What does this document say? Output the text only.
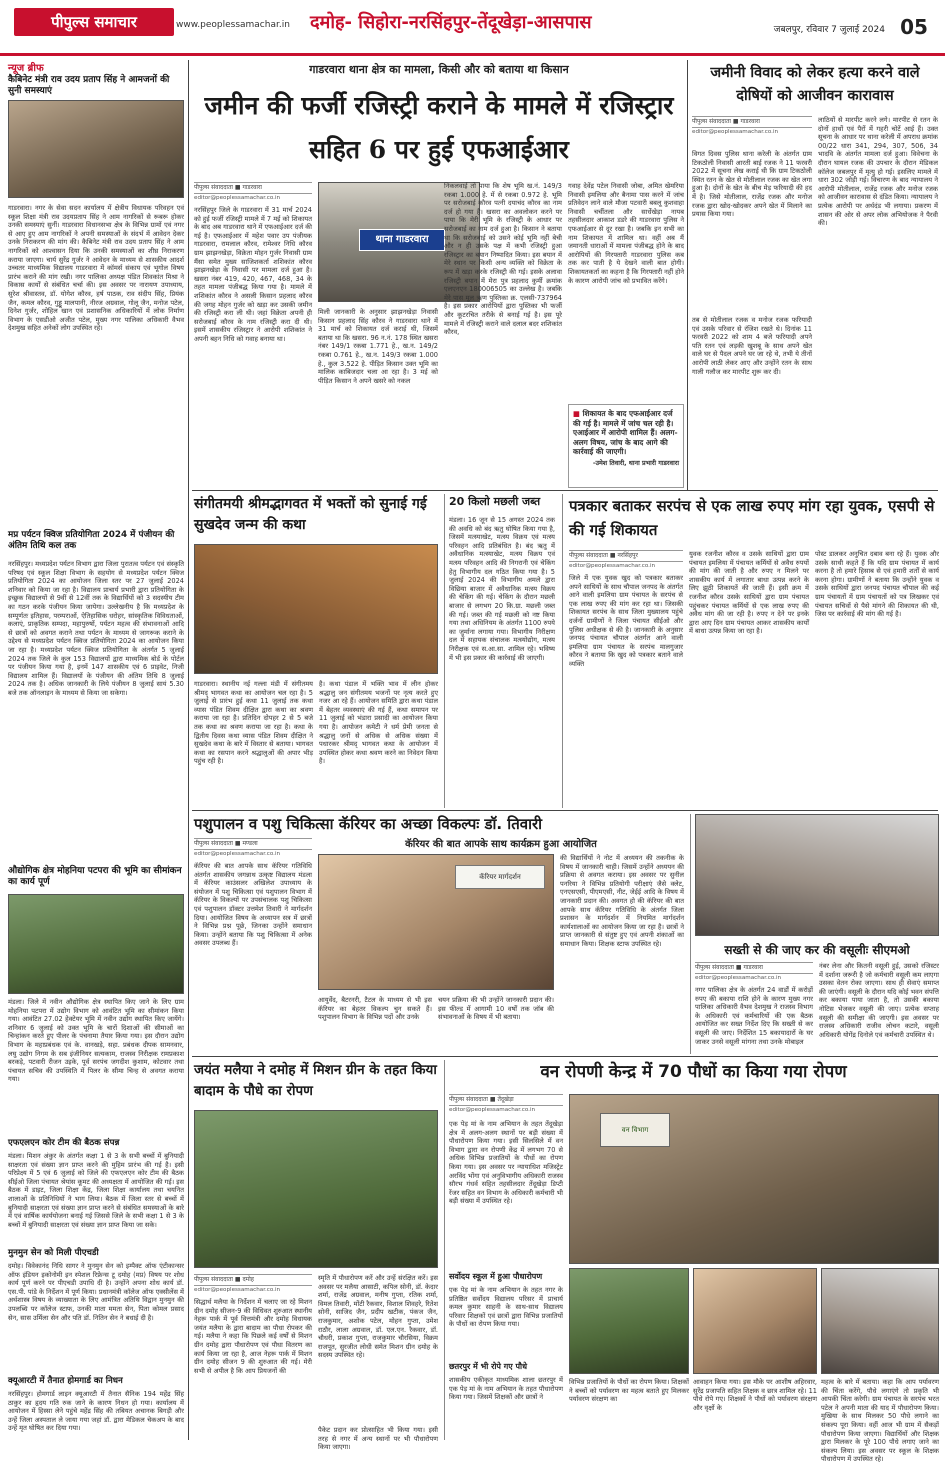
पीपुल्स समाचार	www.peoplessamachar.in दमोह- सिहोरा-नरसिंहपुर-तेंदूखेड़ा-आसपास	जबलपुर, रविवार 7 जुलाई 2024 05
न्यूज ब्रीफ
कैबिनेट मंत्री राव उदय प्रताप सिंह ने आमजनों की सुनी समस्याएं
गाडरवारा। नगर के सेवा सदन कार्यालय में क्षेत्रीय विधायक परिवहन एवं स्कूल शिक्षा मंत्री राव उदयप्रताप सिंह ने आम नागरिकों से रूबरू होकर उनकी समस्याएं सुनीं। गाडरवारा विधानसभा क्षेत्र के विभिन्न ग्रामों एवं नगर से आए हुए आम नागरिकों ने अपनी समस्याओं के संदर्भ में आवेदन देकर उनके निराकरण की मांग की। कैबिनेट मंत्री राव उदय प्रताप सिंह ने आम नागरिकों को आश्वासन दिया कि उनकी समस्याओं का शीघ्र निराकरण कराया जाएगा। चार्य सुरेंद्र गुर्जर ने आवेदन के माध्यम से शासकीय आदर्श उच्चतर माध्यमिक विद्यालय गाडरवारा में कॉमर्स संकाय एवं भूगोल विषय प्रारंभ कराने की मांग रखी। नगर पालिका अध्यक्ष पंडित शिवकांत मिश्रा ने विकास कार्यों से संबंधित चर्चा की। इस अवसर पर नारायण उपाध्याय, सुरेश श्रीवास्तव, डॉ. योगेश कौरव, हर्ष पाठक, राव संदीप सिंह, प्रियंक जैन, कमल कौरव, गुड्डू मालपानी, नीरज अग्रवाल, गोलू जैन, मनोज पटेल, दिनेश गुर्जर, शोहिल खान एवं प्रशासनिक अधिकारियों में लोक निर्माण विभाग के एसडीओ अजीत पटेल, मुख्य नगर पालिका अधिकारी वैभव देशमुख सहित अनेकों लोग उपस्थित रहे।
मप्र पर्यटन क्विज प्रतियोगिता 2024 में पंजीयन की अंतिम तिथि कल तक
नरसिंहपुर। मध्यप्रदेश पर्यटन विभाग द्वारा जिला पुरातत्व पर्यटन एवं संस्कृति परिषद एवं स्कूल शिक्षा विभाग के सहयोग से मध्यप्रदेश पर्यटन क्विज प्रतियोगिता 2024 का आयोजन जिला स्तर पर 27 जुलाई 2024 शनिवार को किया जा रहा है। विद्यालय प्राचार्य प्रभारी द्वारा प्रतियोगिता के इच्छुक विद्यालयों से 9वीं से 12वीं तक के विद्यार्थियों को 3 सदस्यीय टीम का गठन करके पंजीयन किया जायेगा। उल्लेखनीय है कि मध्यप्रदेश के सम्पूर्णतः इतिहास, परम्पराओं, ऐतिहासिक धरोहर, सांस्कृतिक विविधताओं, कलाएं, प्राकृतिक सम्पदा, महापुरुषों, पर्यटन महत्व की संभावनाओं आदि से छात्रों को अवगत कराने तथा पर्यटन के माध्यम से जागरूक कराने के उद्देश्य से मध्यप्रदेश पर्यटन क्विज प्रतियोगिता 2024 का आयोजन किया जा रहा है। मध्यप्रदेश पर्यटन क्विज प्रतियोगिता के अंतर्गत 5 जुलाई 2024 तक जिले के कुल 153 विद्यालयों द्वारा माध्यमिक बोर्ड के पोर्टल पर पंजीयन किया गया है, इनमें 147 शासकीय एवं 6 प्राइवेट, निजी विद्यालय शामिल हैं। विद्यालयों के पंजीयन की अंतिम तिथि 8 जुलाई 2024 तक है। अधिक जानकारी के लिये पंजीयन 8 जुलाई सायं 5.30 बजे तक ऑनलाइन के माध्यम से किया जा सकेगा।
औद्योगिक क्षेत्र मोहनिया पटपरा की भूमि का सीमांकन का कार्य पूर्ण
मंडला। जिले में नवीन औद्योगिक क्षेत्र स्थापित किए जाने के लिए ग्राम मोहनिया पटपरा में उद्योग विभाग को आवंटित भूमि का सीमांकन किया गया। आवंटित 27.02 हेक्टेयर भूमि में नवीन उद्योग स्थापित किए जायेंगे। शनिवार 6 जुलाई को उक्त भूमि के चारों दिशाओं की सीमाओं का चिन्हांकन करते हुए पीलर के पंचनामा तैयार किया गया। इस दौरान उद्योग विभाग के महाप्रबंधक एवं के. वानखड़े, सहा. प्रबंधक दीपक सामनवार, लघु उद्योग निगम के सब इंजीनियर सत्यकाम, राजस्व निरीक्षक रामप्रकाश बरकड़े, पटवारी रीजन उइके, पूर्व सरपंच जगदीश कुशाम, कोटवार तथा पंचायत सचिव की उपस्थिति में पिलर के सीमा चिन्ह से अवगत कराया गया।
एफएलएन कोर टीम की बैठक संपन्न
मंडला। मिशन अंकुर के अंतर्गत कक्षा 1 से 3 के सभी बच्चों में बुनियादी साक्षरता एवं संख्या ज्ञान प्राप्त करने की मुहिम प्रारंभ की गई है। इसी परिप्रेक्ष्य में 5 एवं 6 जुलाई को जिले की एफएलएन कोर टीम की बैठक सीईओ जिला पंचायत श्रेयांस कूमट की अध्यक्षता में आयोजित की गई। इस बैठक में डाइट, जिला शिक्षा केंद्र, जिला शिक्षा कार्यालय तथा चयनित शालाओं के प्रतिनिधियों ने भाग लिया। बैठक में जिला स्तर से बच्चों में बुनियादी साक्षरता एवं संख्या ज्ञान प्राप्त करने से संबंधित समस्याओं के बारे में एवं वार्षिक कार्ययोजना बनाई गई जिससे जिले के सभी कक्षा 1 से 3 के बच्चों में बुनियादी साक्षरता एवं संख्या ज्ञान प्राप्त किया जा सके।
मुनमुन सेन को मिली पीएचडी
दमोह। विवेकानंद निधि सागर ने मुनमुन सेन को इम्पैक्ट ऑफ एंटीकान्सर ऑफ इंडियन इकोनोमी इन स्पेशल रिफ्रेन्स टू दमोह (मप्र) विषय पर शोध कार्य पूर्ण करने पर पीएचडी उपाधि दी है। उन्होंने अपना शोध कार्य डॉ. एस.पी. पांडे के निर्देशन में पूर्ण किया। प्रधानमंत्री कॉलेज ऑफ एक्सीलेंस में अर्थशास्त्र विषय के व्याख्याता के लिए आमंत्रित अतिथि विद्वान मुनमुन की उपलब्धि पर कॉलेज स्टाफ, उनकी माता ममता सेन, पिता कोमल प्रसाद सेन, सास उर्मिला सेन और पति डॉ. नितिन सेन ने बधाई दी है।
क्यूआरटी में तैनात होमगार्ड का निधन
नरसिंहपुर। होमगार्ड लाइन क्यूआरटी में तैनात सैनिक 194 महेंद्र सिंह ठाकुर का हृदय गति रुक जाने के कारण निधन हो गया। कार्यालय में आयोजन में हिस्सा लेने पहुंचे महेंद्र सिंह की तबियत अचानक बिगड़ी और उन्हें जिला अस्पताल ले जाया गया जहां डॉ. द्वारा मेडिकल चेकअप के बाद उन्हें मृत घोषित कर दिया गया।
गाडरवारा थाना क्षेत्र का मामला, किसी और को बताया था किसान
जमीन की फर्जी रजिस्ट्री कराने के मामले में रजिस्ट्रार सहित 6 पर हुई एफआईआर
पीपुल्स संवाददाता ■ गाडरवारा
editor@peoplessamachar.co.in
नरसिंहपुर जिले के गाडरवारा में 31 मार्च 2024 को हुई फर्जी रजिस्ट्री मामले में 7 मई को शिकायत के बाद अब गाडरवारा थाने में एफआईआर दर्ज की गई है। एफआईआर में महेश पवार उप पंजीयक गाडरवारा, रामलाल कौरव, रामेश्वर निधि कौरव ग्राम झाझनखेड़ा, विक्रेता मोहन गुर्जर निवासी ग्राम मैंसा समेत मुख्य साजिशकर्ता शशिकांत कौरव झाझनखेड़ा के निवासी पर मामला दर्ज हुआ है। खसरा नंबर 419, 420, 467, 468, 34 के तहत मामला पंजीबद्ध किया गया है। मामले में शशिकांत कौरव ने असली किसान प्रहलाद कौरव की जगह मोहन गुर्जर को खड़ा कर उसकी जमीन की रजिस्ट्री करा ली थी। जहां विक्रेता अपनी ही सरोजबाई कौरव के नाम रजिस्ट्री करा दी थी। इसमें शासकीय रजिस्ट्रार ने आरोपी शशिकांत ने अपनी बहन निधि को गवाह बनाया था।
थाना गाडरवारा
मिली जानकारी के अनुसार झाझनखेड़ा निवासी किसान प्रहलाद सिंह कौरव ने गाडरवारा थाने में 31 मार्च को शिकायत दर्ज कराई थी, जिसमें बताया था कि खसरा. 96 न.नं. 178 स्थित खसरा नंबर 149/1 रकबा 1.771 हे., ख.न. 149/2 रकबा 0.761 हे., ख.न. 149/3 रकबा 1.000 हे., कुल 3.522 हे. पीड़ित किसान उक्त भूमि का मालिक काबिजदार चला आ रहा है। 3 मई को पीड़ित किसान ने अपने खसरे को नकल
निकलवाई तो पाया कि शेष भूमि ख.नं. 149/3 रकबा 1.000 हे. में से रकबा 0.972 हे. भूमि पर सरोजबाई कौरव पत्नी दयाचंद कौरव का नाम दर्ज हो गया है। खसरा का अवलोकन करने पर पाया कि मेरी भूमि के रजिस्ट्री के आधार पर सरोजबाई का नाम दर्ज हुआ है। किसान ने बताया था कि सरोजबाई को उसने कोई भूमि नहीं बेची और न ही उसके पक्ष में कभी रजिस्ट्री हुआ रजिस्ट्रार का बयान निष्पादित किया। इस बयान में मेरे स्थान पर किसी अन्य व्यक्ति को विक्रेता के रूप में खड़ा करके रजिस्ट्री की गई। इसके अलावा रजिस्ट्री बयान में मेरा पुत्र प्रहलाद कुर्मी क्रमांक एलएनएन 180006505 का उल्लेख है। जबकि मेरे पास मूल ऋण पुस्तिका क्र. एलसी-737964 है। इस प्रकार आरोपियों द्वारा पुस्तिका भी फर्जी और कूटरचित तरीके से बनाई गई है। इस पूरे मामले में रजिस्ट्री कराने वाले दलाल बदर शशिकांत कौरव,
गवाह देवेंद्र पटेल निवासी जोबा, अमित खेमरिया निवासी इमलिया और बैनामा पास करने में जांच प्रतिवेदन लाने वाले मौजा पटवारी बबलू कुशवाहा निवासी चर्चीतला और सार्धेखेड़ा नायब तहसीलदार आकाश डडरे की गाडरवारा पुलिस ने एफआईआर से दूर रखा है। जबकि इन सभी का नाम शिकायत में शामिल था। वहीं अब मैं जमानती धाराओं में मामला पंजीबद्ध होने के बाद आरोपियों की गिरफ्तारी गाडरवारा पुलिस कब तक कर पाती है ये देखने वाली बात होगी। शिकायतकर्ता का कहना है कि गिरफ्तारी नहीं होने के कारण आरोपी जांच को प्रभावित करेंगे।
■ शिकायत के बाद एफआईआर दर्ज की गई है। मामले में जांच चल रही है। एआईआर में आरोपी शामिल हैं। अलग-अलग विषय, जांच के बाद आगे की कार्रवाई की जाएगी।
-उमेश तिवारी, थाना प्रभारी गाडरवारा
जमीनी विवाद को लेकर हत्या करने वाले दोषियों को आजीवन कारावास
पीपुल्स संवाददाता ■ गाडरवारा
editor@peoplessamachar.co.in
विगत दिवस पुलिस थाना करेली के अंतर्गत ग्राम टिकठोली निवासी आरती बाई रजक ने 11 फरवरी 2022 में सूचना लेख कराई थी कि ग्राम टिकठोली स्थित रतन के खेत से मोतीलाल रजक का खेत लगा हुआ है। दोनों के खेत के बीच मेड़ फरियादी की हद में है। जिसे मोतीलाल, राजेंद्र रजक और मनोज रजक द्वारा खोद-खोदकर अपने खेत में मिलाने का प्रयास किया गया।
तब से मोतीलाल रजक व मनोज रजक फरियादी एवं उसके परिवार से रंजिश रखते थे। दिनांक 11 फरवरी 2022 को शाम 4 बजे फरियादी अपने पति रतन एवं लड़की खुशबू के साथ अपने खेत वाले घर से पैदल अपने घर जा रहे थे, तभी ये तीनों आरोपी लाठी लेकर आए और उन्होंने रतन के साथ गाली गलौज कर मारपीट शुरू कर दी।
लाठियों से मारपीट करने लगे। मारपीट से रतन के दोनों हाथों एवं पैरों में गहरी चोटें आई हैं। उक्त सूचना के आधार पर थाना करेली में अपराध क्रमांक 00/22 धारा 341, 294, 307, 506, 34 भादवि के अंतर्गत मामला दर्ज हुआ। विवेचना के दौरान घायल रजक की उपचार के दौरान मेडिकल कॉलेज जबलपुर में मृत्यु हो गई। इसलिए मामले में धारा 302 जोड़ी गई। विचारण के बाद न्यायालय ने आरोपी मोतीलाल, राजेंद्र रजक और मनोज रजक को आजीवन कारावास से दंडित किया। न्यायालय ने प्रत्येक आरोपी पर अर्थदंड भी लगाया। प्रकरण में शासन की ओर से अपर लोक अभियोजक ने पैरवी की।
संगीतमयी श्रीमद्भागवत में भक्तों को सुनाई गई सुखदेव जन्म की कथा
गाडरवारा। स्थानीय नई गल्ला मंडी में संगीतमय श्रीमद् भागवत कथा का आयोजन चल रहा है। 5 जुलाई से प्रारंभ हुई कथा 11 जुलाई तक कथा व्यास पंडित शिवम दीक्षित द्वारा कथा का श्रवण कराया जा रहा है। प्रतिदिन दोपहर 2 से 5 बजे तक कथा का श्रवण कराया जा रहा है। कथा के द्वितीय दिवस कथा व्यास पंडित शिवम दीक्षित ने सुखदेव कथा के बारे में विस्तार से बताया। भागवत कथा का रसपान करने श्रद्धालुओं की अपार भीड़ पहुंच रही है।
है। कथा पंडाल में भक्ति भाव में लीन होकर श्रद्धालु जन संगीतमय भजनों पर नृत्य करते हुए नजर आ रहे हैं। आयोजन समिति द्वारा कथा पंडाल में बेहतर व्यवस्थाएं की गई हैं, कथा समापन पर 11 जुलाई को भंडारा प्रसादी का आयोजन किया गया है। आयोजन कमेटी ने धर्म प्रेमी जनता से श्रद्धालु जनों से अधिक से अधिक संख्या में पधारकर श्रीमद् भागवत कथा के आयोजन में उपस्थित होकर कथा श्रवण करने का निवेदन किया है।
20 किलो मछली जब्त
मंडला। 16 जून से 15 अगस्त 2024 तक की अवधि को बंद ऋतु घोषित किया गया है, जिसमें मत्स्याखेट, मत्स्य विक्रय एवं मत्स्य परिवहन आदि प्रतिबंधित है। बंद ऋतु में अवैधानिक मत्स्याखेट, मत्स्य विक्रय एवं मत्स्य परिवहन आदि की निगरानी एवं चेकिंग हेतु विभागीय दल गठित किया गया है। 5 जुलाई 2024 की विभागीय अमले द्वारा विछिया बाजार में अवैधानिक मत्स्य विक्रय की चेकिंग की गई। चेकिंग के दौरान मछली बाजार से लगभग 20 कि.ग्रा. मछली जब्त की गई। जब्त की गई मछली को नष्ट किया गया तथा अधिनियम के अंतर्गत 1100 रुपये का जुर्माना लगाया गया। विभागीय निरीक्षण दल में सहायक संचालक मत्स्योद्योग, मत्स्य निरीक्षक एवं स.आ.सा. शामिल रहे। भविष्य में भी इस प्रकार की कार्रवाई की जाएगी।
पत्रकार बताकर सरपंच से एक लाख रुपए मांग रहा युवक, एसपी से की गई शिकायत
पीपुल्स संवाददाता ■ नरसिंहपुर
editor@peoplessamachar.co.in
जिले में एक युवक खुद को पत्रकार बताकर अपने साथियों के साथ चौपाल जनपद के अंतर्गत आने वाली इमलिया ग्राम पंचायत के सरपंच से एक लाख रुपए की मांग कर रहा था। जिसकी शिकायत सरपंच के साथ जिला मुख्यालय पहुंचे दर्जनों ग्रामीणों ने जिला पंचायत सीईओ और पुलिस अधीक्षक से की है। जानकारी के अनुसार जनपद पंचायत चौपाल अंतर्गत आने वाली इमलिया ग्राम पंचायत के सरपंच मालगुजार कौरव ने बताया कि खुद को पत्रकार बताने वाले व्यक्ति
युवक रजनीश कौरव व उसके साथियों द्वारा ग्राम पंचायत इमलिया में पंचायत कर्मियों से अवैध रुपयों की मांग की जाती है और रुपए न मिलने पर शासकीय कार्य में लगातार बाधा उत्पन्न करने के लिए झूठी शिकायतें की जाती हैं। इसी क्रम में रजनीश कौरव उसके साथियों द्वारा ग्राम पंचायत पहुंचकर पंचायत कर्मियों से एक लाख रुपए की अवैध मांग की जा रही है। रुपए न देने पर इनके द्वारा आए दिन ग्राम पंचायत आकर शासकीय कार्यों में बाधा उत्पन्न किया जा रहा है।
पोस्ट डालकर अनुचित दबाव बना रहे हैं। युवक और उसके साथी कहते हैं कि यदि ग्राम पंचायत में कार्य करना है तो हमारे हिसाब से एवं हमारी शर्तों से कार्य करना होगा। ग्रामीणों ने बताया कि उन्होंने युवक व उसके साथियों द्वारा जनपद पंचायत चौपाल की कई ग्राम पंचायतों में ग्राम पंचायतों को पत्र लिखकर एवं पंचायत सचिवों से पैसे मांगने की शिकायत की थी, जिस पर कार्रवाई की मांग की गई है।
पशुपालन व पशु चिकित्सा कॅरियर का अच्छा विकल्पः डॉ. तिवारी
कॅरियर की बात आपके साथ कार्यक्रम हुआ आयोजित
पीपुल्स संवाददाता ■ मण्डला
editor@peoplessamachar.co.in
कॅरियर की बात आपके साथ कॅरियर गतिविधि अंतर्गत शासकीय जगन्नाथ उत्कृष्ट विद्यालय मंडला में कॅरियर काउंसलर अखिलेश उपाध्याय के संयोजन में पशु चिकित्सा एवं पशुपालन विभाग में कॅरियर के विकल्पों पर उपसंचालक पशु चिकित्सा एवं पशुपालन डॉक्टर उत्तमेश तिवारी ने मार्गदर्शन दिया। आयोजित विषय के अध्यापन सत्र में छात्रों ने विभिन्न प्रश्न पूछे, जिनका उन्होंने समाधान किया। उन्होंने बताया कि पशु चिकित्सा में अनेक अवसर उपलब्ध हैं।
कॅरियर मार्गदर्शन
आयुर्वेद, बैटरनरी, टैटल के माध्यम से भी इस कॅरियर का बेहतर विकल्प चुन सकते हैं। पशुपालन विभाग के विभिन्न पदों और उनके
चयन प्रक्रिया की भी उन्होंने जानकारी प्रदान की। इस फील्ड में आगामी 10 वर्षों तक जॉब की संभावनाओं के विषय में भी बताया।
की विद्यार्थियों ने नोट में अध्ययन की तकनीक के विषय में जानकारी चाही। जिसमें उन्होंने अध्ययन की प्रक्रिया से अवगत कराया। इस अवसर पर सुनील पनरिया ने विभिन्न प्रतियोगी परीक्षाएं जैसे क्लेट, एनएसएसी, पीएमएसी, नीट, जेईई आदि के विषय में जानकारी प्रदान की। अवगत हो की कॅरियर की बात आपके साथ कॅरियर गतिविधि के अंतर्गत जिला प्रशासन के मार्गदर्शन में नियमित मार्गदर्शन कार्यशालाओं का आयोजन किया जा रहा है। छात्रों ने प्राप्त जानकारी से संतुष्ट हुए एवं अपनी शंकाओं का समाधान किया। शिक्षक स्टाफ उपस्थित रहे।	सख्ती से की जाए कर की वसूलीः सीएमओ
पीपुल्स संवाददाता ■ गाडरवारा
editor@peoplessamachar.co.in
नगर पालिका क्षेत्र के अंतर्गत 24 वार्डों में करोड़ों रुपए की बकाया राशि होने के कारण मुख्य नगर पालिका अधिकारी वैभव देशमुख ने राजस्व विभाग के अधिकारी एवं कर्मचारियों की एक बैठक आयोजित कर सख्त निर्देश दिए कि सख्ती से कर वसूली की जाए। निर्देशित 15 बकायादारों के घर जाकर उनसे वसूली मांगना तथा उनके मोबाइल
नंबर लेना और कितनी वसूली हुई, उसको रजिस्टर में दर्शाना जरूरी है जो कर्मचारी वसूली कम लाएगा उसका वेतन रोका जाएगा। साथ ही सेवाएं समाप्त की जाएंगी। वसूली के दौरान यदि कोई भवन संपत्ति कर बकाया पाया जाता है, तो उसकी बकाया नोटिस भेजकर वसूली की जाए। प्रत्येक सप्ताह वसूली की समीक्षा की जाएगी। इस अवसर पर राजस्व अधिकारी राजीव लोचन कटारे, वसूली अधिकारी योगेंद्र दिनोले एवं कर्मचारी उपस्थित थे।
जयंत मलैया ने दमोह में मिशन ग्रीन के तहत किया बादाम के पौधे का रोपण
पीपुल्स संवाददाता ■ दमोह
editor@peoplessamachar.co.in
सिद्धार्थ मलैया के निर्देशन में चलाए जा रहे मिशन ग्रीन दमोह सीजन-9 की विधिवत शुरुआत स्थानीय नेहरू पार्क में पूर्व वित्तमंत्री और दमोह विधायक जयंत मलैया के द्वारा बादाम का पौधा रोपकर की गई। मलैया ने कहा कि पिछले कई वर्षों से मिशन ग्रीन दमोह द्वारा पौधारोपण एवं पौधा वितरण का कार्य किया जा रहा है, आज नेहरू पार्क में मिशन ग्रीन दमोह सीजन 9 की शुरुआत की गई। मेरी सभी से अपील है कि आप प्रियजनों की
स्मृति में पौधारोपण करें और उन्हें संरक्षित करें। इस अवसर पर मलैया आसाटी, कपिल सोनी, डॉ. केदार शर्मा, राजेंद्र अग्रवाल, मनीष गुप्ता, रतिक शर्मा, विमल तिवारी, मोंटी रैकवार, विशाल शिवहरे, रितेश सोनी, साजिद जैन, प्रदीप खटीक, पंकज जैन, राजकुमार, अशोक पटेल, मोहन गुप्ता, उमेश राठौर, लाला अग्रवाल, डॉ. एल.एन. रैकवार, डॉ. चौधरी, प्रकाश गुप्ता, राजकुमार चौरसिया, विक्रम राजपूत, सुरजीत लोधी समेत मिशन ग्रीन दमोह के सदस्य उपस्थित रहे।
पैकेट प्रदान कर प्रोत्साहित भी किया गया। इसी तरह से नगर में अन्य स्थानों पर भी पौधारोपण किया जाएगा।
वन रोपणी केन्द्र में 70 पौधों का किया गया रोपण
पीपुल्स संवाददाता ■ तेंदूखेड़ा
editor@peoplessamachar.co.in
एक पेड़ मां के नाम अभियान के तहत तेंदूखेड़ा क्षेत्र में अलग-अलग स्थानों पर बड़ी संख्या में पौधारोपण किया गया। इसी सिलसिले में वन विभाग द्वारा वन रोपणी केंद्र में लगभग 70 से अधिक विभिन्न प्रजातियों के पौधों का रोपण किया गया। इस अवसर पर न्यायाधिश मजिस्ट्रेट अरविंद भोंगा एवं अनुविभागीय अधिकारी राजस्व सौरभ गंधर्व सहित तहसीलदार तेंदूखेड़ा डिप्टी रेंजर सहित वन विभाग के अधिकारी कर्मचारी भी बड़ी संख्या में उपस्थित रहे।
सर्वोदय स्कूल में हुआ पौधारोपण
एक पेड़ मां के नाम अभियान के तहत नगर के प्रतिष्ठित सर्वोदय विद्यालय परिसर में प्राचार्य कमल कुमार साहनी के साथ-साथ विद्यालय परिवार शिक्षकों एवं छात्रों द्वारा विभिन्न प्रजातियों के पौधों का रोपण किया गया।
छतरपुर में भी रोपे गए पौधे
शासकीय एकीकृत माध्यमिक शाला छतरपुर में एक पेड़ मां के नाम अभियान के तहत पौधारोपण किया गया। जिसमें शिक्षकों और छात्रों ने
वन विभाग
विभिन्न प्रजातियों के पौधों का रोपण किया। शिक्षकों ने बच्चों को पर्यावरण का महत्व बताते हुए मिलकर पर्यावरण संरक्षण का
आवाहन किया गया। इस मौके पर आशीष अहिरवार, सुरेंद्र प्रजापति सहित शिक्षक व छात्र शामिल रहे। 11 पौधे रोपे गए। शिक्षकों ने पौधों को पर्यावरण संरक्षण और वृक्षों के
महत्व के बारे में बताया। कहा कि आप पर्यावरण की चिंता करेंगे, पौधे लगाएंगे तो प्रकृति भी आपकी चिंता करेगी। ग्राम पंचायत के सरपंच भरत पटेल ने अपनी माता की याद में पौधारोपण किया। मुखिया के साथ मिलकर 50 पौधे लगाने का संकल्प पूरा किया। वहीं आज भी ग्राम में सैकड़ों पौधारोपण किया जाएगा। विद्यार्थियों और शिक्षक द्वारा मिलकर के पूरे 100 पौधे लगाए जाने का संकल्प लिया। इस अवसर पर स्कूल के शिक्षक पौधारोपण में उपस्थित रहे।
